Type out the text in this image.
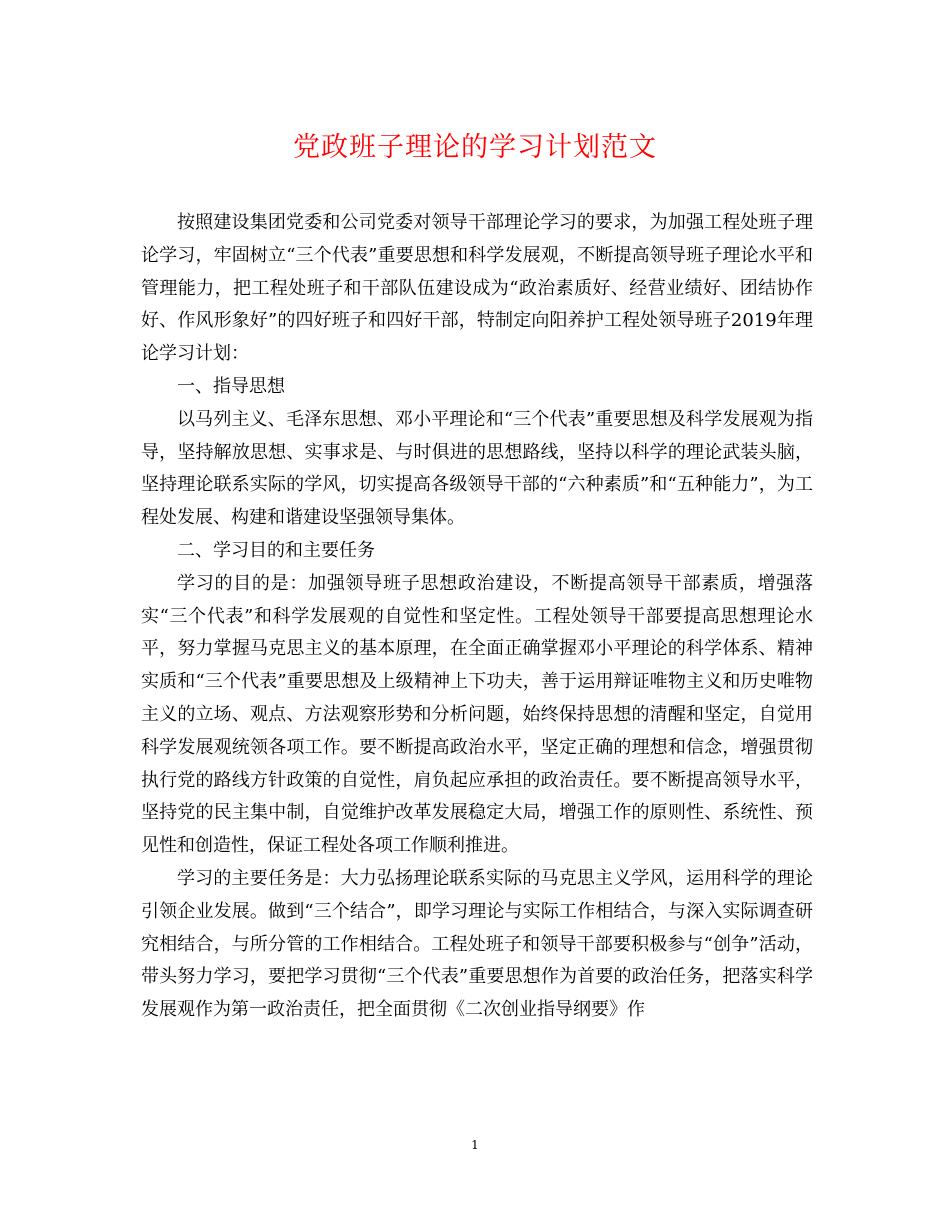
党政班子理论的学习计划范文

按照建设集团党委和公司党委对领导干部理论学习的要求，为加强工程处班子理论学习，牢固树立“三个代表”重要思想和科学发展观，不断提高领导班子理论水平和管理能力，把工程处班子和干部队伍建设成为“政治素质好、经营业绩好、团结协作好、作风形象好”的四好班子和四好干部，特制定向阳养护工程处领导班子2019年理论学习计划：

一、指导思想

以马列主义、毛泽东思想、邓小平理论和“三个代表”重要思想及科学发展观为指导，坚持解放思想、实事求是、与时俱进的思想路线，坚持以科学的理论武装头脑，坚持理论联系实际的学风，切实提高各级领导干部的“六种素质”和“五种能力”，为工程处发展、构建和谐建设坚强领导集体。

二、学习目的和主要任务

学习的目的是：加强领导班子思想政治建设，不断提高领导干部素质，增强落实“三个代表”和科学发展观的自觉性和坚定性。工程处领导干部要提高思想理论水平，努力掌握马克思主义的基本原理，在全面正确掌握邓小平理论的科学体系、精神实质和“三个代表”重要思想及上级精神上下功夫，善于运用辩证唯物主义和历史唯物主义的立场、观点、方法观察形势和分析问题，始终保持思想的清醒和坚定，自觉用科学发展观统领各项工作。要不断提高政治水平，坚定正确的理想和信念，增强贯彻执行党的路线方针政策的自觉性，肩负起应承担的政治责任。要不断提高领导水平，坚持党的民主集中制，自觉维护改革发展稳定大局，增强工作的原则性、系统性、预见性和创造性，保证工程处各项工作顺利推进。

学习的主要任务是：大力弘扬理论联系实际的马克思主义学风，运用科学的理论引领企业发展。做到“三个结合”，即学习理论与实际工作相结合，与深入实际调查研究相结合，与所分管的工作相结合。工程处班子和领导干部要积极参与“创争”活动，带头努力学习，要把学习贯彻“三个代表”重要思想作为首要的政治任务，把落实科学发展观作为第一政治责任，把全面贯彻《二次创业指导纲要》作

1
